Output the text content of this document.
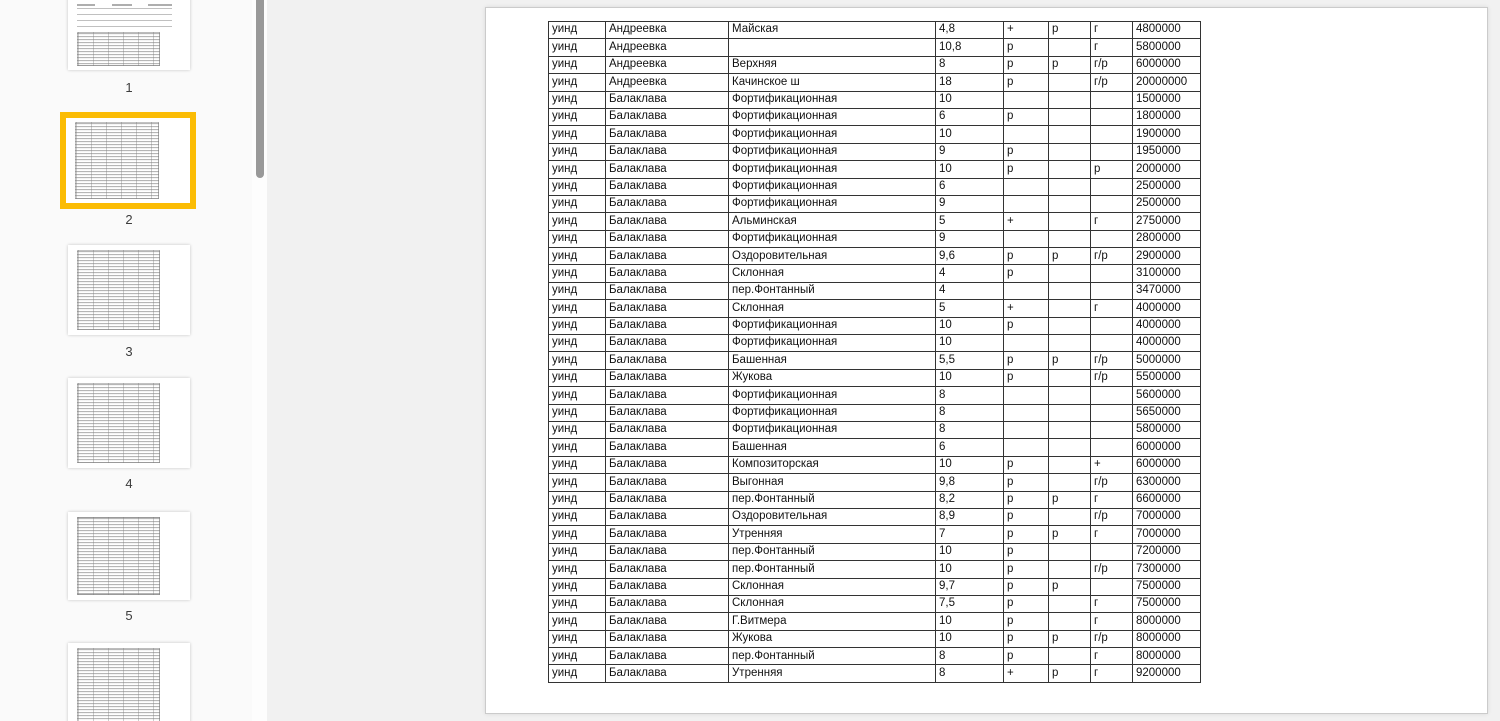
1
2
3
4
5
уинд	Андреевка	Майская	4,8	+	р	г	4800000
уинд	Андреевка		10,8	р		г	5800000
уинд	Андреевка	Верхняя	8	р	р	г/р	6000000
уинд	Андреевка	Качинское ш	18	р		г/р	20000000
уинд	Балаклава	Фортификационная	10				1500000
уинд	Балаклава	Фортификационная	6	р			1800000
уинд	Балаклава	Фортификационная	10				1900000
уинд	Балаклава	Фортификационная	9	р			1950000
уинд	Балаклава	Фортификационная	10	р		р	2000000
уинд	Балаклава	Фортификационная	6				2500000
уинд	Балаклава	Фортификационная	9				2500000
уинд	Балаклава	Альминская	5	+		г	2750000
уинд	Балаклава	Фортификационная	9				2800000
уинд	Балаклава	Оздоровительная	9,6	р	р	г/р	2900000
уинд	Балаклава	Склонная	4	р			3100000
уинд	Балаклава	пер.Фонтанный	4				3470000
уинд	Балаклава	Склонная	5	+		г	4000000
уинд	Балаклава	Фортификационная	10	р			4000000
уинд	Балаклава	Фортификационная	10				4000000
уинд	Балаклава	Башенная	5,5	р	р	г/р	5000000
уинд	Балаклава	Жукова	10	р		г/р	5500000
уинд	Балаклава	Фортификационная	8				5600000
уинд	Балаклава	Фортификационная	8				5650000
уинд	Балаклава	Фортификационная	8				5800000
уинд	Балаклава	Башенная	6				6000000
уинд	Балаклава	Композиторская	10	р		+	6000000
уинд	Балаклава	Выгонная	9,8	р		г/р	6300000
уинд	Балаклава	пер.Фонтанный	8,2	р	р	г	6600000
уинд	Балаклава	Оздоровительная	8,9	р		г/р	7000000
уинд	Балаклава	Утренняя	7	р	р	г	7000000
уинд	Балаклава	пер.Фонтанный	10	р			7200000
уинд	Балаклава	пер.Фонтанный	10	р		г/р	7300000
уинд	Балаклава	Склонная	9,7	р	р		7500000
уинд	Балаклава	Склонная	7,5	р		г	7500000
уинд	Балаклава	Г.Витмера	10	р		г	8000000
уинд	Балаклава	Жукова	10	р	р	г/р	8000000
уинд	Балаклава	пер.Фонтанный	8	р		г	8000000
уинд	Балаклава	Утренняя	8	+	р	г	9200000
